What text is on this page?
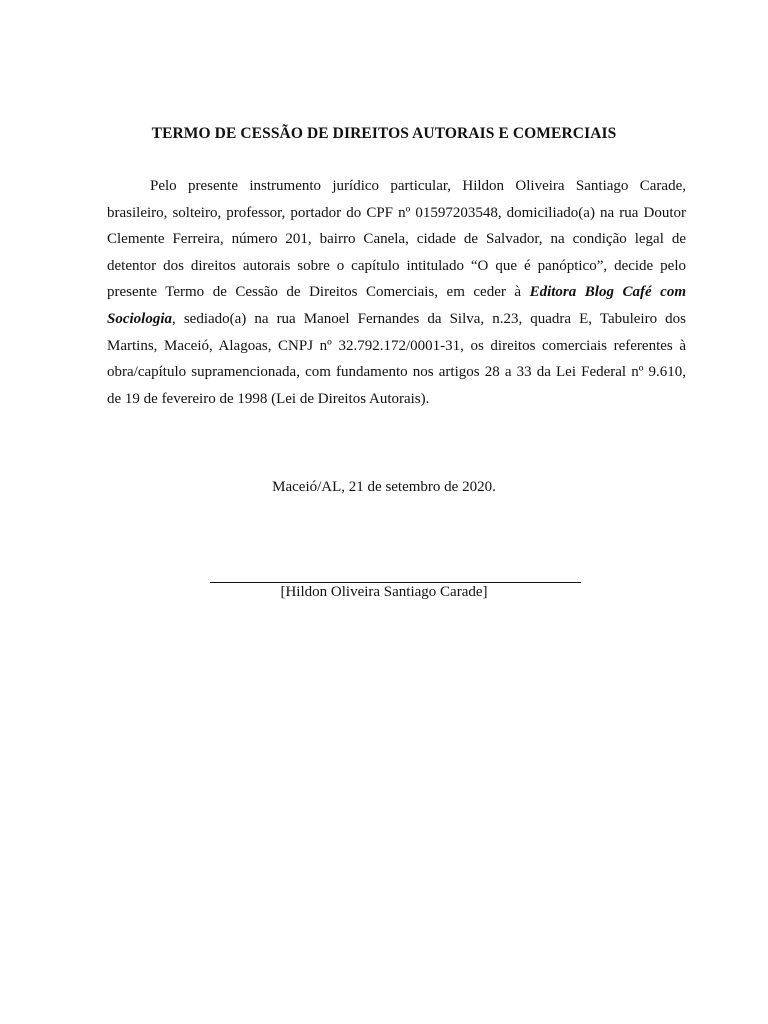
TERMO DE CESSÃO DE DIREITOS AUTORAIS E COMERCIAIS

Pelo presente instrumento jurídico particular, Hildon Oliveira Santiago Carade, brasileiro, solteiro, professor, portador do CPF nº 01597203548, domiciliado(a) na rua Doutor Clemente Ferreira, número 201, bairro Canela, cidade de Salvador, na condição legal de detentor dos direitos autorais sobre o capítulo intitulado “O que é panóptico”, decide pelo presente Termo de Cessão de Direitos Comerciais, em ceder à Editora Blog Café com Sociologia, sediado(a) na rua Manoel Fernandes da Silva, n.23, quadra E, Tabuleiro dos Martins, Maceió, Alagoas, CNPJ nº 32.792.172/0001-31, os direitos comerciais referentes à obra/capítulo supramencionada, com fundamento nos artigos 28 a 33 da Lei Federal nº 9.610, de 19 de fevereiro de 1998 (Lei de Direitos Autorais).

Maceió/AL, 21 de setembro de 2020.
[Hildon Oliveira Santiago Carade]
